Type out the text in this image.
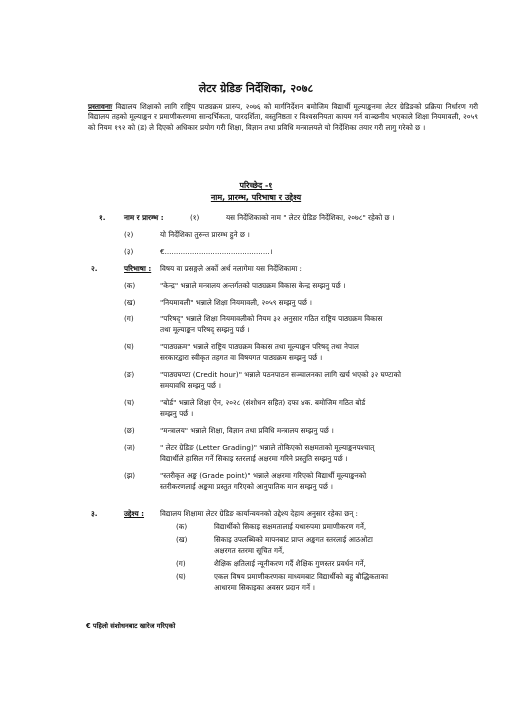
लेटर ग्रेडिङ निर्देशिका, २०७८
प्रस्तावनाः विद्यालय शिक्षाको लागि राष्ट्रिय पाठ्यक्रम प्रारुप, २०७६ को मार्गनिर्देशन बमोजिम विद्यार्थी मूल्याङ्कनमा लेटर ग्रेडिङको प्रक्रिया निर्धारण गरी विद्यालय तहको मूल्याङ्कन र प्रमाणीकरणमा सान्दर्भिकता, पारदर्शिता, वस्तुनिष्ठता र विश्वसनियता कायम गर्न वाञ्छनीय भएकाले शिक्षा नियमावली, २०५९ को नियम १९२ को (ड) ले दिएको अधिकार प्रयोग गरी शिक्षा, विज्ञान तथा प्रविधि मन्त्रालयले यो निर्देशिका तयार गरी लागु गरेको छ ।
परिच्छेद -१
नाम, प्रारम्भ, परिभाषा र उद्देश्य
१.	नाम र प्रारम्भ :	(१)	यस निर्देशिकाको नाम " लेटर ग्रेडिङ निर्देशिका, २०७८" रहेको छ ।
(२)	यो निर्देशिका तुरुन्त प्रारम्भ हुने छ ।
(३)	€..............................................।
२.	परिभाषा : विषय वा प्रसङ्गले अर्को अर्थ नलागेमा यस निर्देशिकामा :
(क)	"केन्द्र" भन्नाले मन्त्रालय अन्तर्गतको पाठ्यक्रम विकास केन्द्र सम्झनु पर्छ ।
(ख)	"नियमावली" भन्नाले शिक्षा नियमावली, २०५९ सम्झनु पर्छ ।
(ग)	"परिषद्" भन्नाले शिक्षा नियमावलीको नियम ३२ अनुसार गठित राष्ट्रिय पाठ्यक्रम विकास
तथा मूल्याङ्कन परिषद् सम्झनु पर्छ ।
(घ)	"पाठ्यक्रम" भन्नाले राष्ट्रिय पाठ्यक्रम विकास तथा मूल्याङ्कन परिषद् तथा नेपाल
सरकारद्वारा स्वीकृत तहगत वा विषयगत पाठ्यक्रम सम्झनु पर्छ ।
(ङ)	"पाठ्यघण्टा (Credit hour)" भन्नाले पठनपाठन सञ्चालनका लागि खर्च भएको ३२ घण्टाको
समयावधि सम्झनु पर्छ ।
(च)	"बोर्ड" भन्नाले शिक्षा ऐन, २०२८ (संशोधन सहित) दफा ४क. बमोजिम गठित बोर्ड
सम्झनु पर्छ ।
(छ)	"मन्त्रालय" भन्नाले शिक्षा, विज्ञान तथा प्रविधि मन्त्रालय सम्झनु पर्छ ।
(ज)	" लेटर ग्रेडिङ (Letter Grading)" भन्नाले तोकिएको सक्षमताको मूल्याङ्कनपश्चात्
विद्यार्थीले हासिल गर्ने सिकाइ स्तरलाई अक्षरमा गरिने प्रस्तुति सम्झनु पर्छ ।
(झ)	"स्तरीकृत अङ्क (Grade point)" भन्नाले अक्षरमा गरिएको विद्यार्थी मूल्याङ्कनको
स्तरीकरणलाई अङ्कमा प्रस्तुत गरिएको आनुपातिक मान सम्झनु पर्छ ।
३.	उद्देश्य : विद्यालय शिक्षामा लेटर ग्रेडिङ कार्यान्वयनको उद्देश्य देहाय अनुसार रहेका छन् :
(क)	विद्यार्थीको सिकाइ सक्षमतालाई यथारुपमा प्रमाणीकरण गर्ने,
(ख)	सिकाइ उपलब्धिको मापनबाट प्राप्त अङ्कगत स्तरलाई आठओटा
अक्षरगत स्तरमा सूचित गर्ने,
(ग)	शैक्षिक क्षतिलाई न्यूनीकरण गर्दै शैक्षिक गुणस्तर प्रवर्धन गर्ने,
(घ)	एकल विषय प्रमाणीकरणका माध्यमबाट विद्यार्थीको बहु बौद्धिकताका
आधारमा सिकाइका अवसर प्रदान गर्ने ।
€ पहिलो संशोधनबाट खारेज गरिएको
